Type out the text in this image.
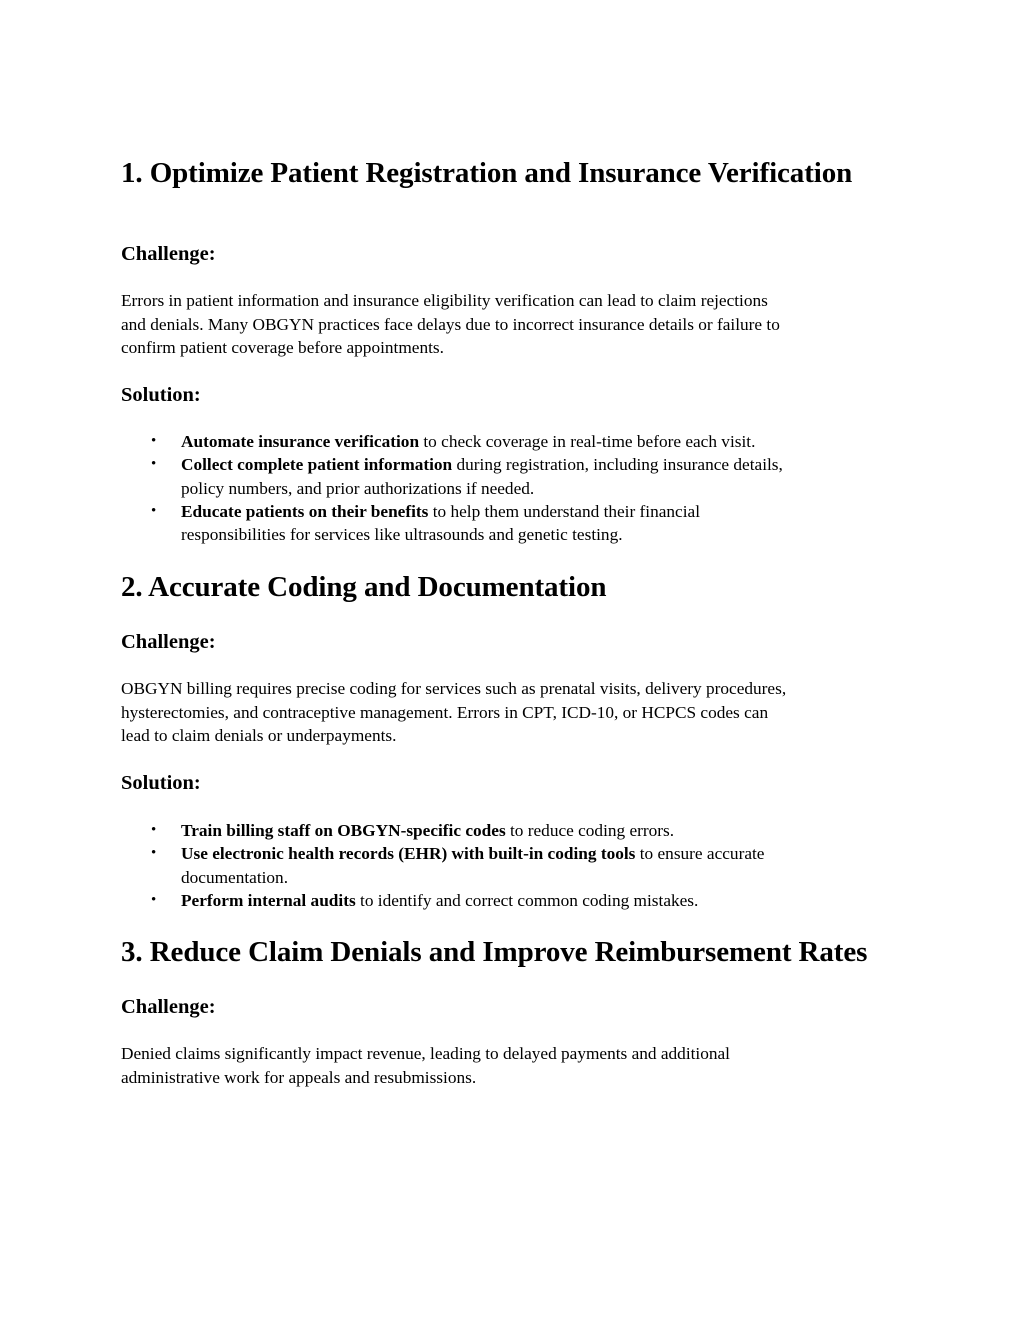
1. Optimize Patient Registration and Insurance Verification
Challenge:

Errors in patient information and insurance eligibility verification can lead to claim rejections
and denials. Many OBGYN practices face delays due to incorrect insurance details or failure to
confirm patient coverage before appointments.

Solution:
• Automate insurance verification to check coverage in real-time before each visit.
• Collect complete patient information during registration, including insurance details,
policy numbers, and prior authorizations if needed.
• Educate patients on their benefits to help them understand their financial
responsibilities for services like ultrasounds and genetic testing.
2. Accurate Coding and Documentation
Challenge:

OBGYN billing requires precise coding for services such as prenatal visits, delivery procedures,
hysterectomies, and contraceptive management. Errors in CPT, ICD-10, or HCPCS codes can
lead to claim denials or underpayments.

Solution:
• Train billing staff on OBGYN-specific codes to reduce coding errors.
• Use electronic health records (EHR) with built-in coding tools to ensure accurate
documentation.
• Perform internal audits to identify and correct common coding mistakes.
3. Reduce Claim Denials and Improve Reimbursement Rates
Challenge:

Denied claims significantly impact revenue, leading to delayed payments and additional
administrative work for appeals and resubmissions.
